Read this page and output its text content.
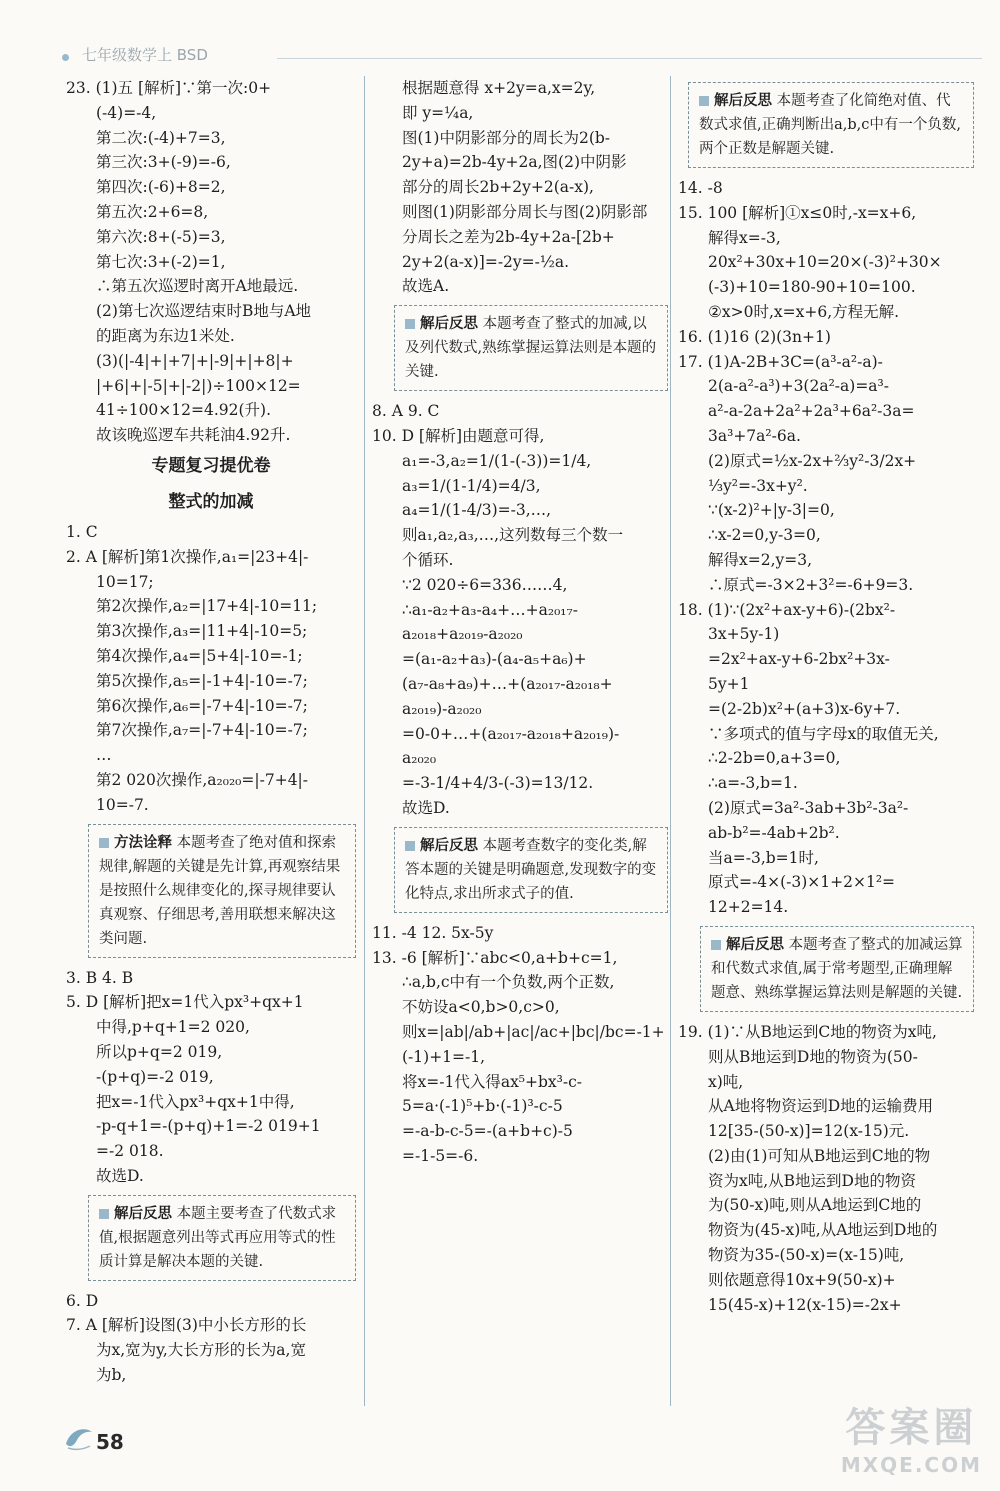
七年级数学上 BSD
23. (1)五 [解析]∵第一次:0+
(-4)=-4,
第二次:(-4)+7=3,
第三次:3+(-9)=-6,
第四次:(-6)+8=2,
第五次:2+6=8,
第六次:8+(-5)=3,
第七次:3+(-2)=1,
∴第五次巡逻时离开A地最远.
(2)第七次巡逻结束时B地与A地
的距离为东边1米处.
(3)(|-4|+|+7|+|-9|+|+8|+
|+6|+|-5|+|-2|)÷100×12=
41÷100×12=4.92(升).
故该晚巡逻车共耗油4.92升.
专题复习提优卷
整式的加减
1. C
2. A [解析]第1次操作,a₁=|23+4|-
10=17;
第2次操作,a₂=|17+4|-10=11;
第3次操作,a₃=|11+4|-10=5;
第4次操作,a₄=|5+4|-10=-1;
第5次操作,a₅=|-1+4|-10=-7;
第6次操作,a₆=|-7+4|-10=-7;
第7次操作,a₇=|-7+4|-10=-7;
…
第2 020次操作,a₂₀₂₀=|-7+4|-
10=-7.
方法诠释 本题考查了绝对值和探索规律,解题的关键是先计算,再观察结果是按照什么规律变化的,探寻规律要认真观察、仔细思考,善用联想来解决这类问题.
3. B 4. B
5. D [解析]把x=1代入px³+qx+1
中得,p+q+1=2 020,
所以p+q=2 019,
-(p+q)=-2 019,
把x=-1代入px³+qx+1中得,
-p-q+1=-(p+q)+1=-2 019+1
=-2 018.
故选D.
解后反思 本题主要考查了代数式求值,根据题意列出等式再应用等式的性质计算是解决本题的关键.
6. D
7. A [解析]设图(3)中小长方形的长
为x,宽为y,大长方形的长为a,宽
为b,
根据题意得 x+2y=a,x=2y,
即 y=¼a,
图(1)中阴影部分的周长为2(b-
2y+a)=2b-4y+2a,图(2)中阴影
部分的周长2b+2y+2(a-x),
则图(1)阴影部分周长与图(2)阴影部
分周长之差为2b-4y+2a-[2b+
2y+2(a-x)]=-2y=-½a.
故选A.
解后反思 本题考查了整式的加减,以及列代数式,熟练掌握运算法则是本题的关键.
8. A 9. C
10. D [解析]由题意可得,
a₁=-3,a₂=1/(1-(-3))=1/4,
a₃=1/(1-1/4)=4/3,
a₄=1/(1-4/3)=-3,…,
则a₁,a₂,a₃,…,这列数每三个数一
个循环.
∵2 020÷6=336……4,
∴a₁-a₂+a₃-a₄+…+a₂₀₁₇-
a₂₀₁₈+a₂₀₁₉-a₂₀₂₀
=(a₁-a₂+a₃)-(a₄-a₅+a₆)+
(a₇-a₈+a₉)+…+(a₂₀₁₇-a₂₀₁₈+
a₂₀₁₉)-a₂₀₂₀
=0-0+…+(a₂₀₁₇-a₂₀₁₈+a₂₀₁₉)-
a₂₀₂₀
=-3-1/4+4/3-(-3)=13/12.
故选D.
解后反思 本题考查数字的变化类,解答本题的关键是明确题意,发现数字的变化特点,求出所求式子的值.
11. -4 12. 5x-5y
13. -6 [解析]∵abc<0,a+b+c=1,
∴a,b,c中有一个负数,两个正数,
不妨设a<0,b>0,c>0,
则x=|ab|/ab+|ac|/ac+|bc|/bc=-1+
(-1)+1=-1,
将x=-1代入得ax⁵+bx³-c-
5=a·(-1)⁵+b·(-1)³-c-5
=-a-b-c-5=-(a+b+c)-5
=-1-5=-6.
解后反思 本题考查了化简绝对值、代数式求值,正确判断出a,b,c中有一个负数,两个正数是解题关键.
14. -8
15. 100 [解析]①x≤0时,-x=x+6,
解得x=-3,
20x²+30x+10=20×(-3)²+30×
(-3)+10=180-90+10=100.
②x>0时,x=x+6,方程无解.
16. (1)16 (2)(3n+1)
17. (1)A-2B+3C=(a³-a²-a)-
2(a-a²-a³)+3(2a²-a)=a³-
a²-a-2a+2a²+2a³+6a²-3a=
3a³+7a²-6a.
(2)原式=½x-2x+⅔y²-3/2x+
⅓y²=-3x+y².
∵(x-2)²+|y-3|=0,
∴x-2=0,y-3=0,
解得x=2,y=3,
∴原式=-3×2+3²=-6+9=3.
18. (1)∵(2x²+ax-y+6)-(2bx²-
3x+5y-1)
=2x²+ax-y+6-2bx²+3x-
5y+1
=(2-2b)x²+(a+3)x-6y+7.
∵多项式的值与字母x的取值无关,
∴2-2b=0,a+3=0,
∴a=-3,b=1.
(2)原式=3a²-3ab+3b²-3a²-
ab-b²=-4ab+2b².
当a=-3,b=1时,
原式=-4×(-3)×1+2×1²=
12+2=14.
解后反思 本题考查了整式的加减运算和代数式求值,属于常考题型,正确理解题意、熟练掌握运算法则是解题的关键.
19. (1)∵从B地运到C地的物资为x吨,
则从B地运到D地的物资为(50-
x)吨,
从A地将物资运到D地的运输费用
12[35-(50-x)]=12(x-15)元.
(2)由(1)可知从B地运到C地的物
资为x吨,从B地运到D地的物资
为(50-x)吨,则从A地运到C地的
物资为(45-x)吨,从A地运到D地的
物资为35-(50-x)=(x-15)吨,
则依题意得10x+9(50-x)+
15(45-x)+12(x-15)=-2x+
58	答案圈
MXQE.COM
